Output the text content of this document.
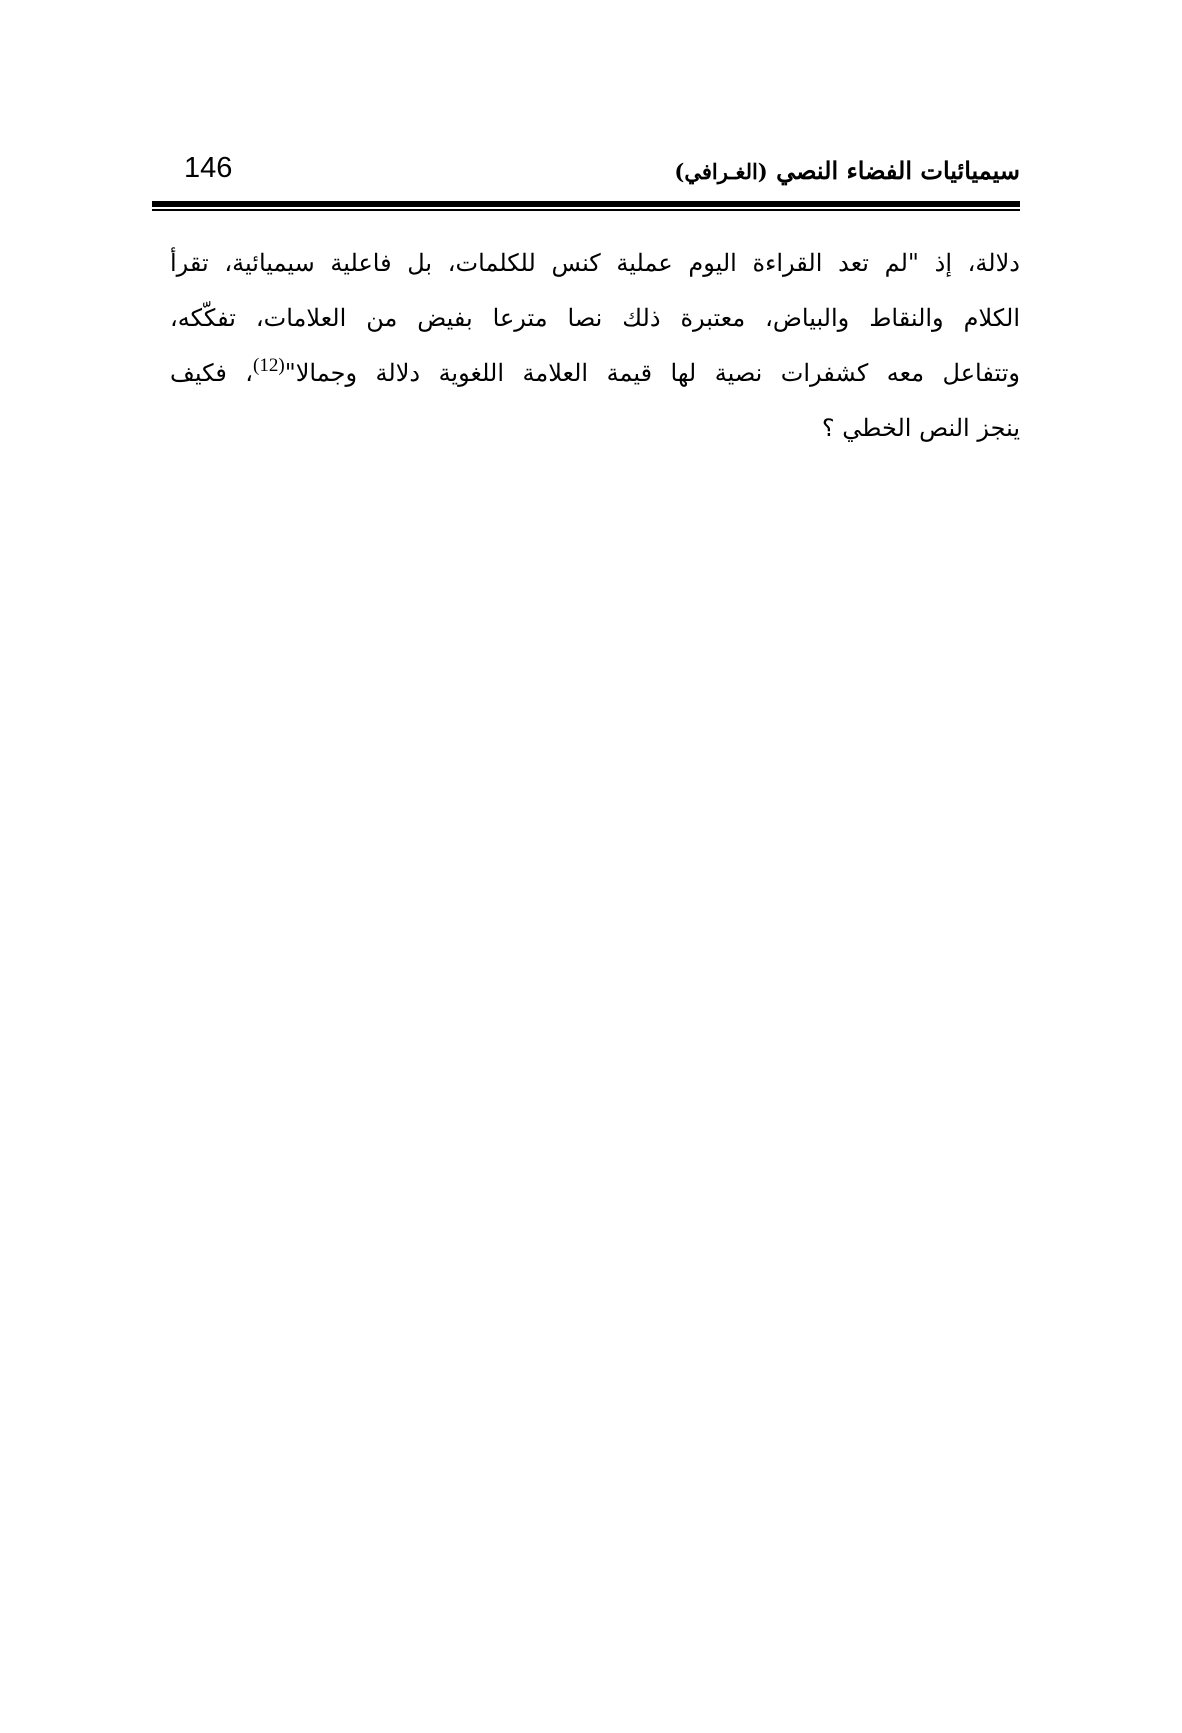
سيميائيات الفضاء النصي (الغـرافي)
146
دلالة، إذ "لم تعد القراءة اليوم عملية كنس للكلمات، بل فاعلية سيميائية، تقرأ
الكلام والنقاط والبياض، معتبرة ذلك نصا مترعا بفيض من العلامات، تفكّكه،
وتتفاعل معه كشفرات نصية لها قيمة العلامة اللغوية دلالة وجمالا"(12)، فكيف
ينجز النص الخطي ؟
